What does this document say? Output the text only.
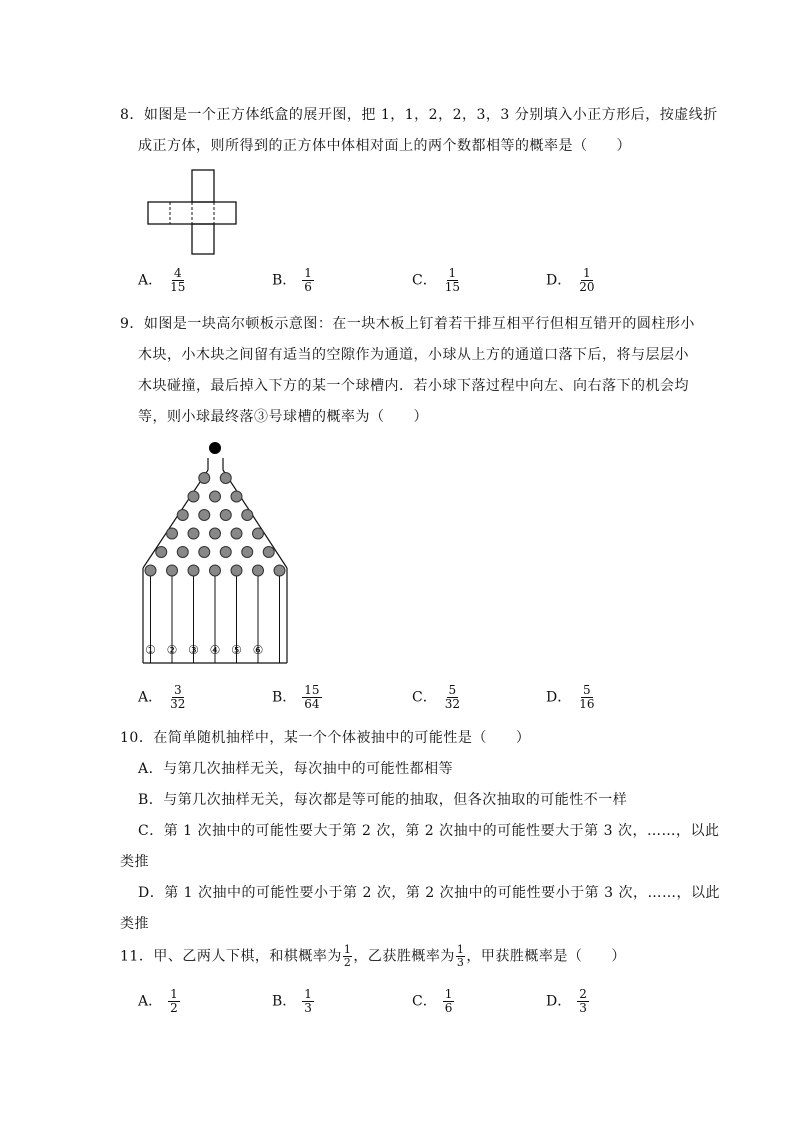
8．如图是一个正方体纸盒的展开图，把 1，1，2，2，3，3 分别填入小正方形后，按虚线折
成正方体，则所得到的正方体中体相对面上的两个数都相等的概率是（　　）
A． $\frac{4}{15}$	B． $\frac{1}{6}$	C． $\frac{1}{15}$	D． $\frac{1}{20}$
9．如图是一块高尔顿板示意图：在一块木板上钉着若干排互相平行但相互错开的圆柱形小
木块，小木块之间留有适当的空隙作为通道，小球从上方的通道口落下后，将与层层小
木块碰撞，最后掉入下方的某一个球槽内．若小球下落过程中向左、向右落下的机会均
等，则小球最终落③号球槽的概率为（　　）
① ② ③ ④ ⑤ ⑥
A． $\frac{3}{32}$	B． $\frac{15}{64}$	C． $\frac{5}{32}$	D． $\frac{5}{16}$
10．在简单随机抽样中，某一个个体被抽中的可能性是（　　）
A．与第几次抽样无关，每次抽中的可能性都相等
B．与第几次抽样无关，每次都是等可能的抽取，但各次抽取的可能性不一样
C．第 1 次抽中的可能性要大于第 2 次，第 2 次抽中的可能性要大于第 3 次，……，以此
类推
D．第 1 次抽中的可能性要小于第 2 次，第 2 次抽中的可能性要小于第 3 次，……，以此
类推
11．甲、乙两人下棋，和棋概率为 $\frac{1}{2}$ ，乙获胜概率为 $\frac{1}{3}$ ，甲获胜概率是（　　）
A． $\frac{1}{2}$	B． $\frac{1}{3}$	C． $\frac{1}{6}$	D． $\frac{2}{3}$
